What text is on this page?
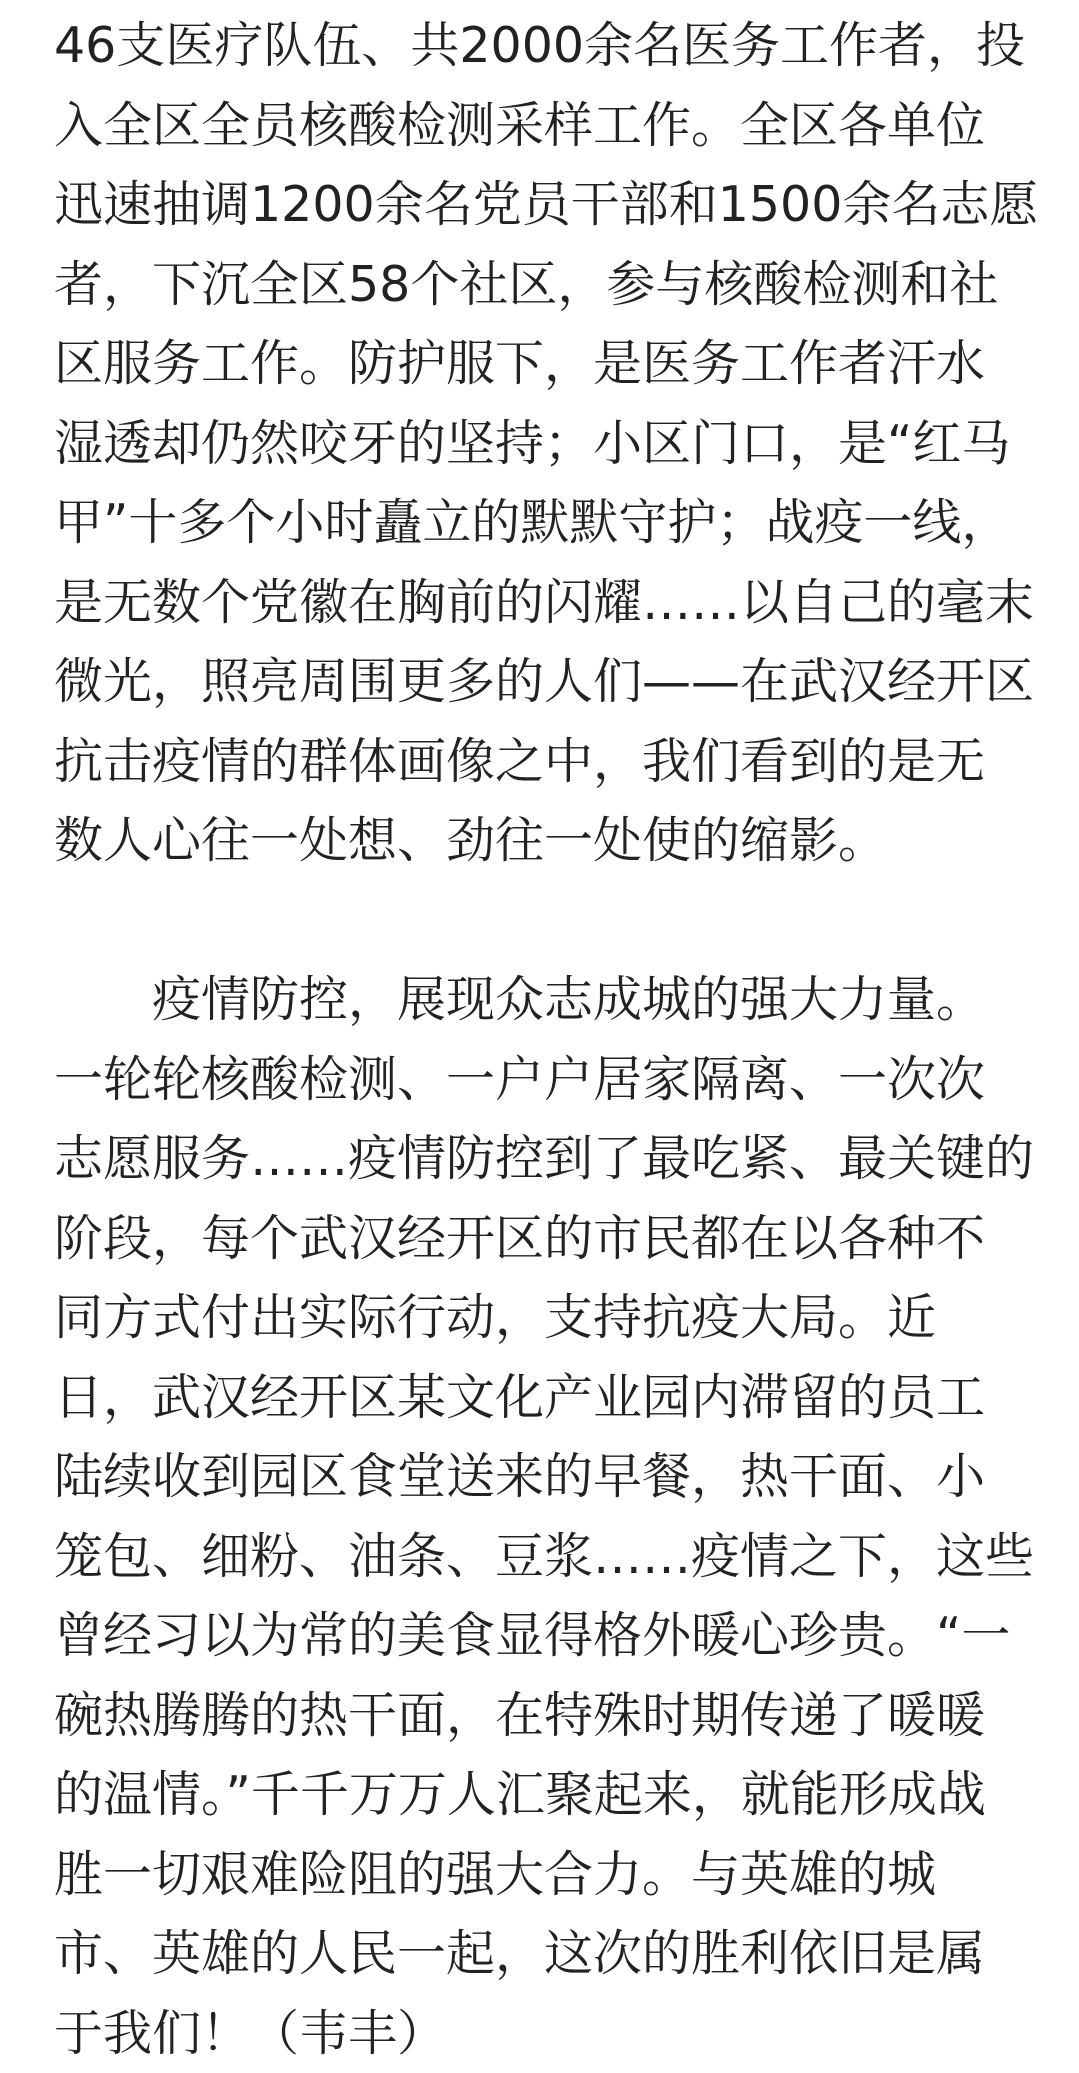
46支医疗队伍、共2000余名医务工作者，投
入全区全员核酸检测采样工作。全区各单位
迅速抽调1200余名党员干部和1500余名志愿
者，下沉全区58个社区，参与核酸检测和社
区服务工作。防护服下，是医务工作者汗水
湿透却仍然咬牙的坚持；小区门口，是“红马
甲”十多个小时矗立的默默守护；战疫一线，
是无数个党徽在胸前的闪耀……以自己的毫末
微光，照亮周围更多的人们——在武汉经开区
抗击疫情的群体画像之中，我们看到的是无
数人心往一处想、劲往一处使的缩影。
疫情防控，展现众志成城的强大力量。
一轮轮核酸检测、一户户居家隔离、一次次
志愿服务……疫情防控到了最吃紧、最关键的
阶段，每个武汉经开区的市民都在以各种不
同方式付出实际行动，支持抗疫大局。近
日，武汉经开区某文化产业园内滞留的员工
陆续收到园区食堂送来的早餐，热干面、小
笼包、细粉、油条、豆浆……疫情之下，这些
曾经习以为常的美食显得格外暖心珍贵。“一
碗热腾腾的热干面，在特殊时期传递了暖暖
的温情。”千千万万人汇聚起来，就能形成战
胜一切艰难险阻的强大合力。与英雄的城
市、英雄的人民一起，这次的胜利依旧是属
于我们！（韦丰）
